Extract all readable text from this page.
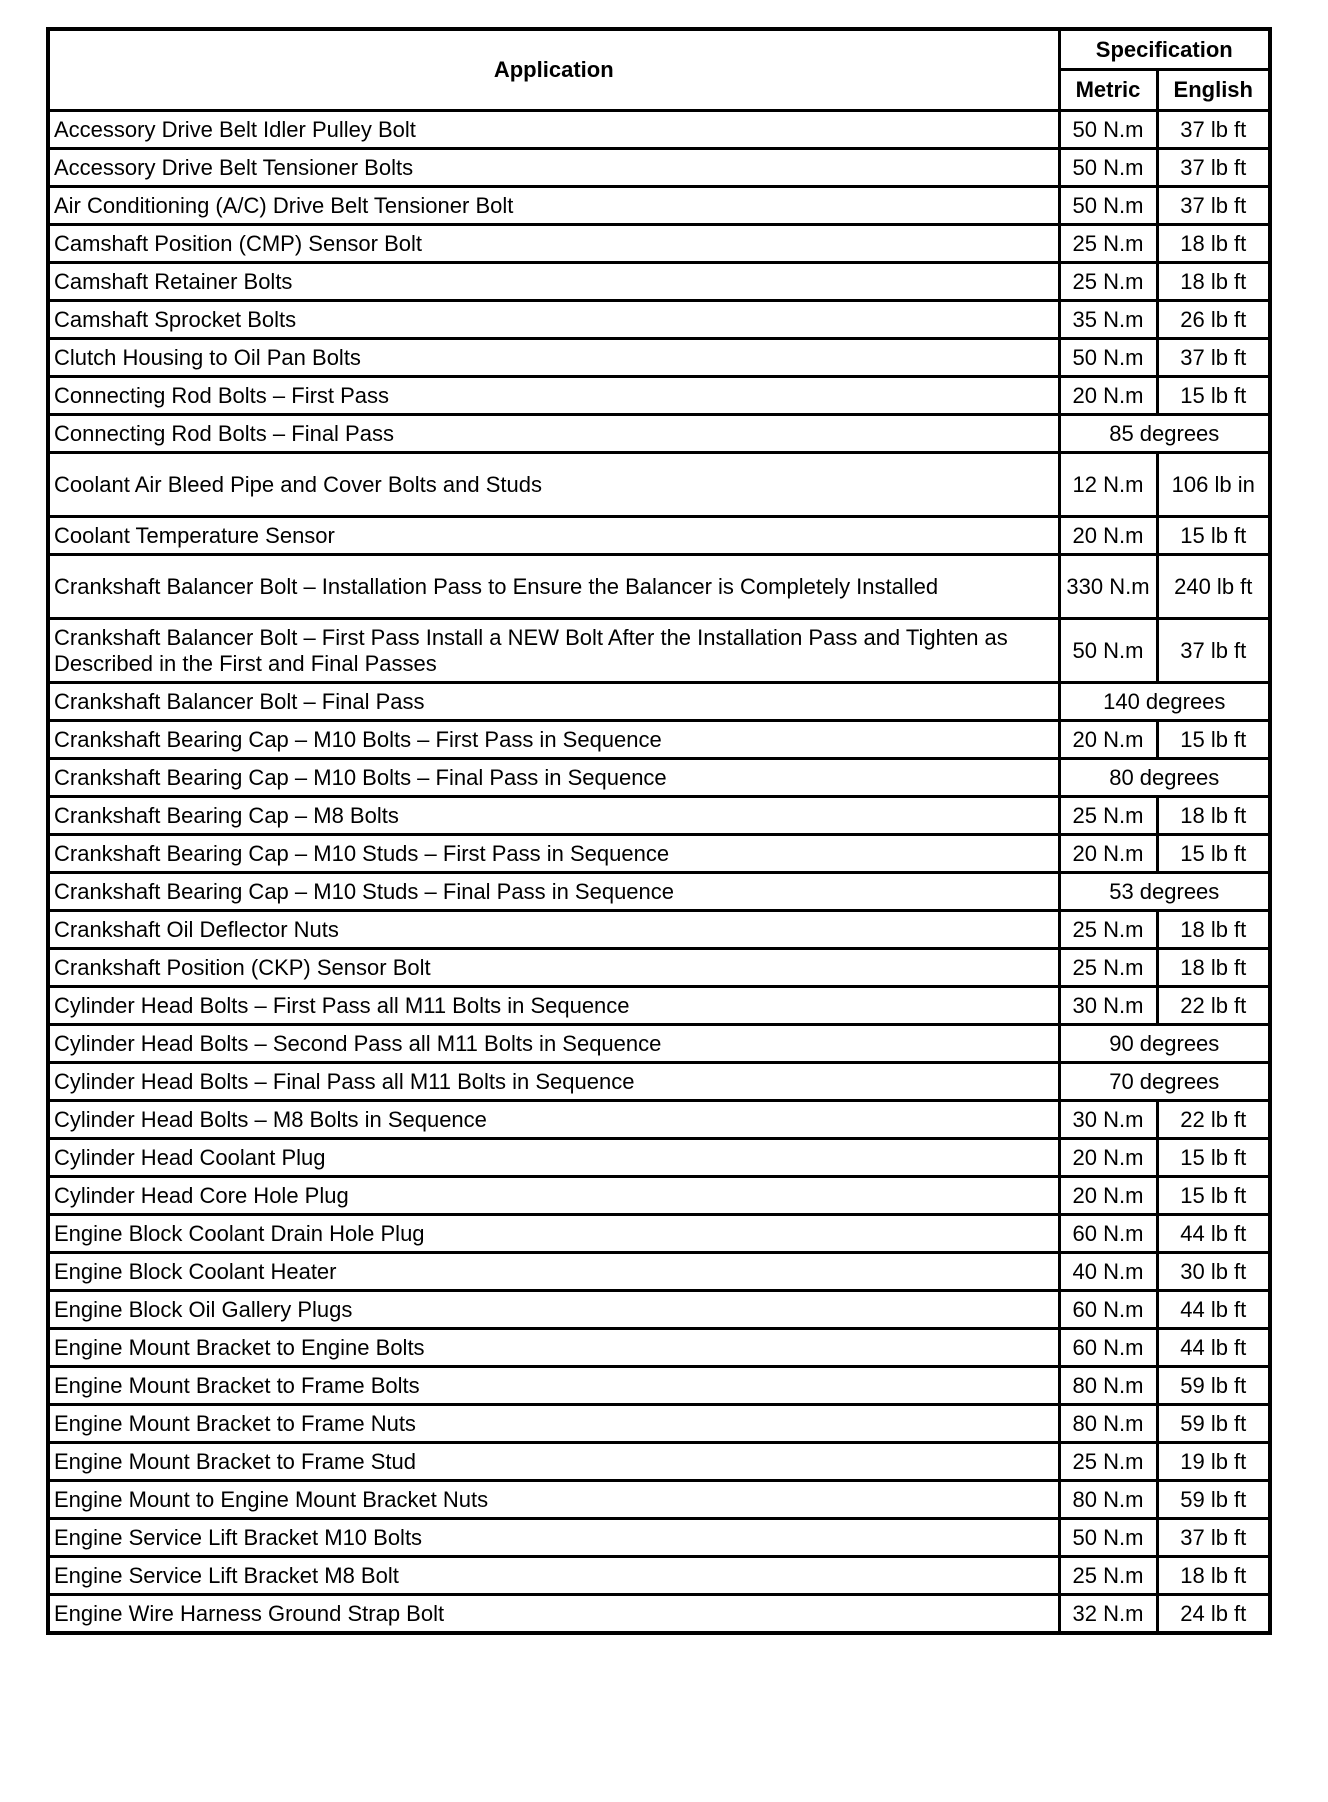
Application	Specification	
	Metric	English
Accessory Drive Belt Idler Pulley Bolt	50 N.m	37 lb ft
Accessory Drive Belt Tensioner Bolts	50 N.m	37 lb ft
Air Conditioning (A/C) Drive Belt Tensioner Bolt	50 N.m	37 lb ft
Camshaft Position (CMP) Sensor Bolt	25 N.m	18 lb ft
Camshaft Retainer Bolts	25 N.m	18 lb ft
Camshaft Sprocket Bolts	35 N.m	26 lb ft
Clutch Housing to Oil Pan Bolts	50 N.m	37 lb ft
Connecting Rod Bolts – First Pass	20 N.m	15 lb ft
Connecting Rod Bolts – Final Pass	85 degrees	
Coolant Air Bleed Pipe and Cover Bolts and Studs	12 N.m	106 lb in
Coolant Temperature Sensor	20 N.m	15 lb ft
Crankshaft Balancer Bolt – Installation Pass to Ensure the Balancer is Completely Installed	330 N.m	240 lb ft
Crankshaft Balancer Bolt – First Pass Install a NEW Bolt After the Installation Pass and Tighten as Described in the First and Final Passes	50 N.m	37 lb ft
Crankshaft Balancer Bolt – Final Pass	140 degrees	
Crankshaft Bearing Cap – M10 Bolts – First Pass in Sequence	20 N.m	15 lb ft
Crankshaft Bearing Cap – M10 Bolts – Final Pass in Sequence	80 degrees	
Crankshaft Bearing Cap – M8 Bolts	25 N.m	18 lb ft
Crankshaft Bearing Cap – M10 Studs – First Pass in Sequence	20 N.m	15 lb ft
Crankshaft Bearing Cap – M10 Studs – Final Pass in Sequence	53 degrees	
Crankshaft Oil Deflector Nuts	25 N.m	18 lb ft
Crankshaft Position (CKP) Sensor Bolt	25 N.m	18 lb ft
Cylinder Head Bolts – First Pass all M11 Bolts in Sequence	30 N.m	22 lb ft
Cylinder Head Bolts – Second Pass all M11 Bolts in Sequence	90 degrees	
Cylinder Head Bolts – Final Pass all M11 Bolts in Sequence	70 degrees	
Cylinder Head Bolts – M8 Bolts in Sequence	30 N.m	22 lb ft
Cylinder Head Coolant Plug	20 N.m	15 lb ft
Cylinder Head Core Hole Plug	20 N.m	15 lb ft
Engine Block Coolant Drain Hole Plug	60 N.m	44 lb ft
Engine Block Coolant Heater	40 N.m	30 lb ft
Engine Block Oil Gallery Plugs	60 N.m	44 lb ft
Engine Mount Bracket to Engine Bolts	60 N.m	44 lb ft
Engine Mount Bracket to Frame Bolts	80 N.m	59 lb ft
Engine Mount Bracket to Frame Nuts	80 N.m	59 lb ft
Engine Mount Bracket to Frame Stud	25 N.m	19 lb ft
Engine Mount to Engine Mount Bracket Nuts	80 N.m	59 lb ft
Engine Service Lift Bracket M10 Bolts	50 N.m	37 lb ft
Engine Service Lift Bracket M8 Bolt	25 N.m	18 lb ft
Engine Wire Harness Ground Strap Bolt	32 N.m	24 lb ft
